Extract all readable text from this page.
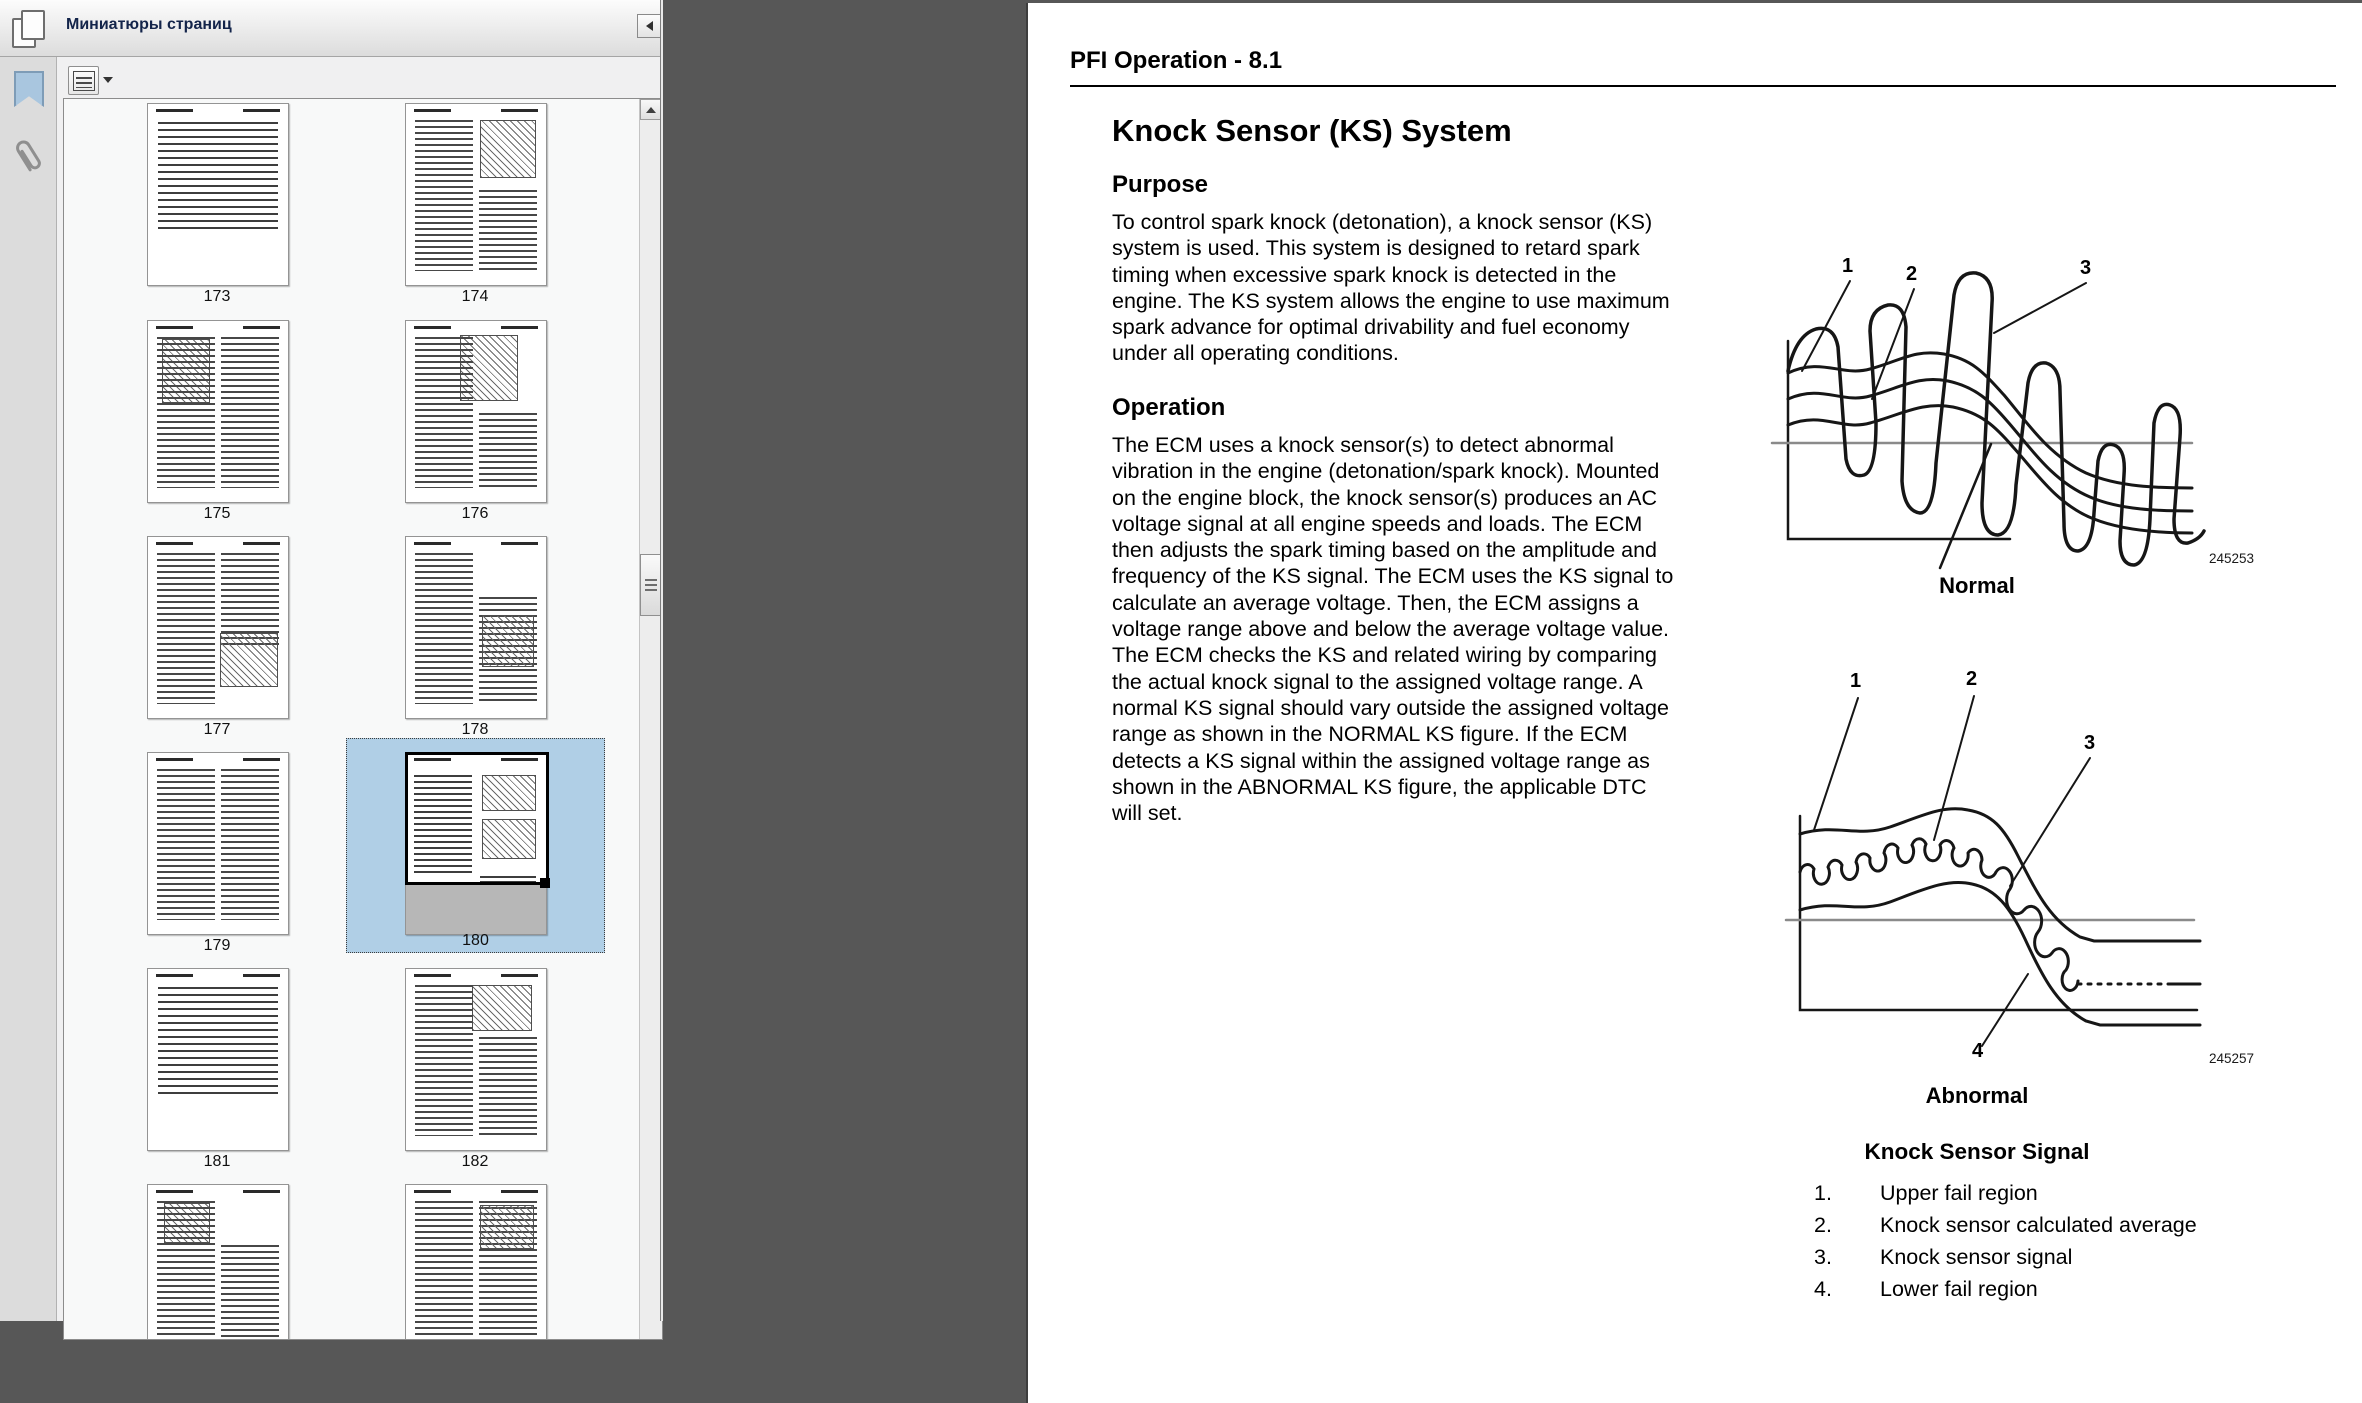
Миниатюры страниц
173	174
175	176
177	178
179	180
181	182
PFI Operation - 8.1
Knock Sensor (KS) System
Purpose
To control spark knock (detonation), a knock sensor (KS) system is used. This system is designed to retard spark timing when excessive spark knock is detected in the engine. The KS system allows the engine to use maximum spark advance for optimal drivability and fuel economy under all operating conditions.
Operation
The ECM uses a knock sensor(s) to detect abnormal vibration in the engine (detonation/spark knock). Mounted on the engine block, the knock sensor(s) produces an AC voltage signal at all engine speeds and loads. The ECM then adjusts the spark timing based on the amplitude and frequency of the KS signal. The ECM uses the KS signal to calculate an average voltage. Then, the ECM assigns a voltage range above and below the average voltage value. The ECM checks the KS and related wiring by comparing the actual knock signal to the assigned voltage range. A normal KS signal should vary outside the assigned voltage range as shown in the NORMAL KS figure. If the ECM detects a KS signal within the assigned voltage range as shown in the ABNORMAL KS figure, the applicable DTC will set.
1	2	3
245253
Normal
1	2
3
4	245257
Abnormal
Knock Sensor Signal
1. Upper fail region
2. Knock sensor calculated average
3. Knock sensor signal
4. Lower fail region
